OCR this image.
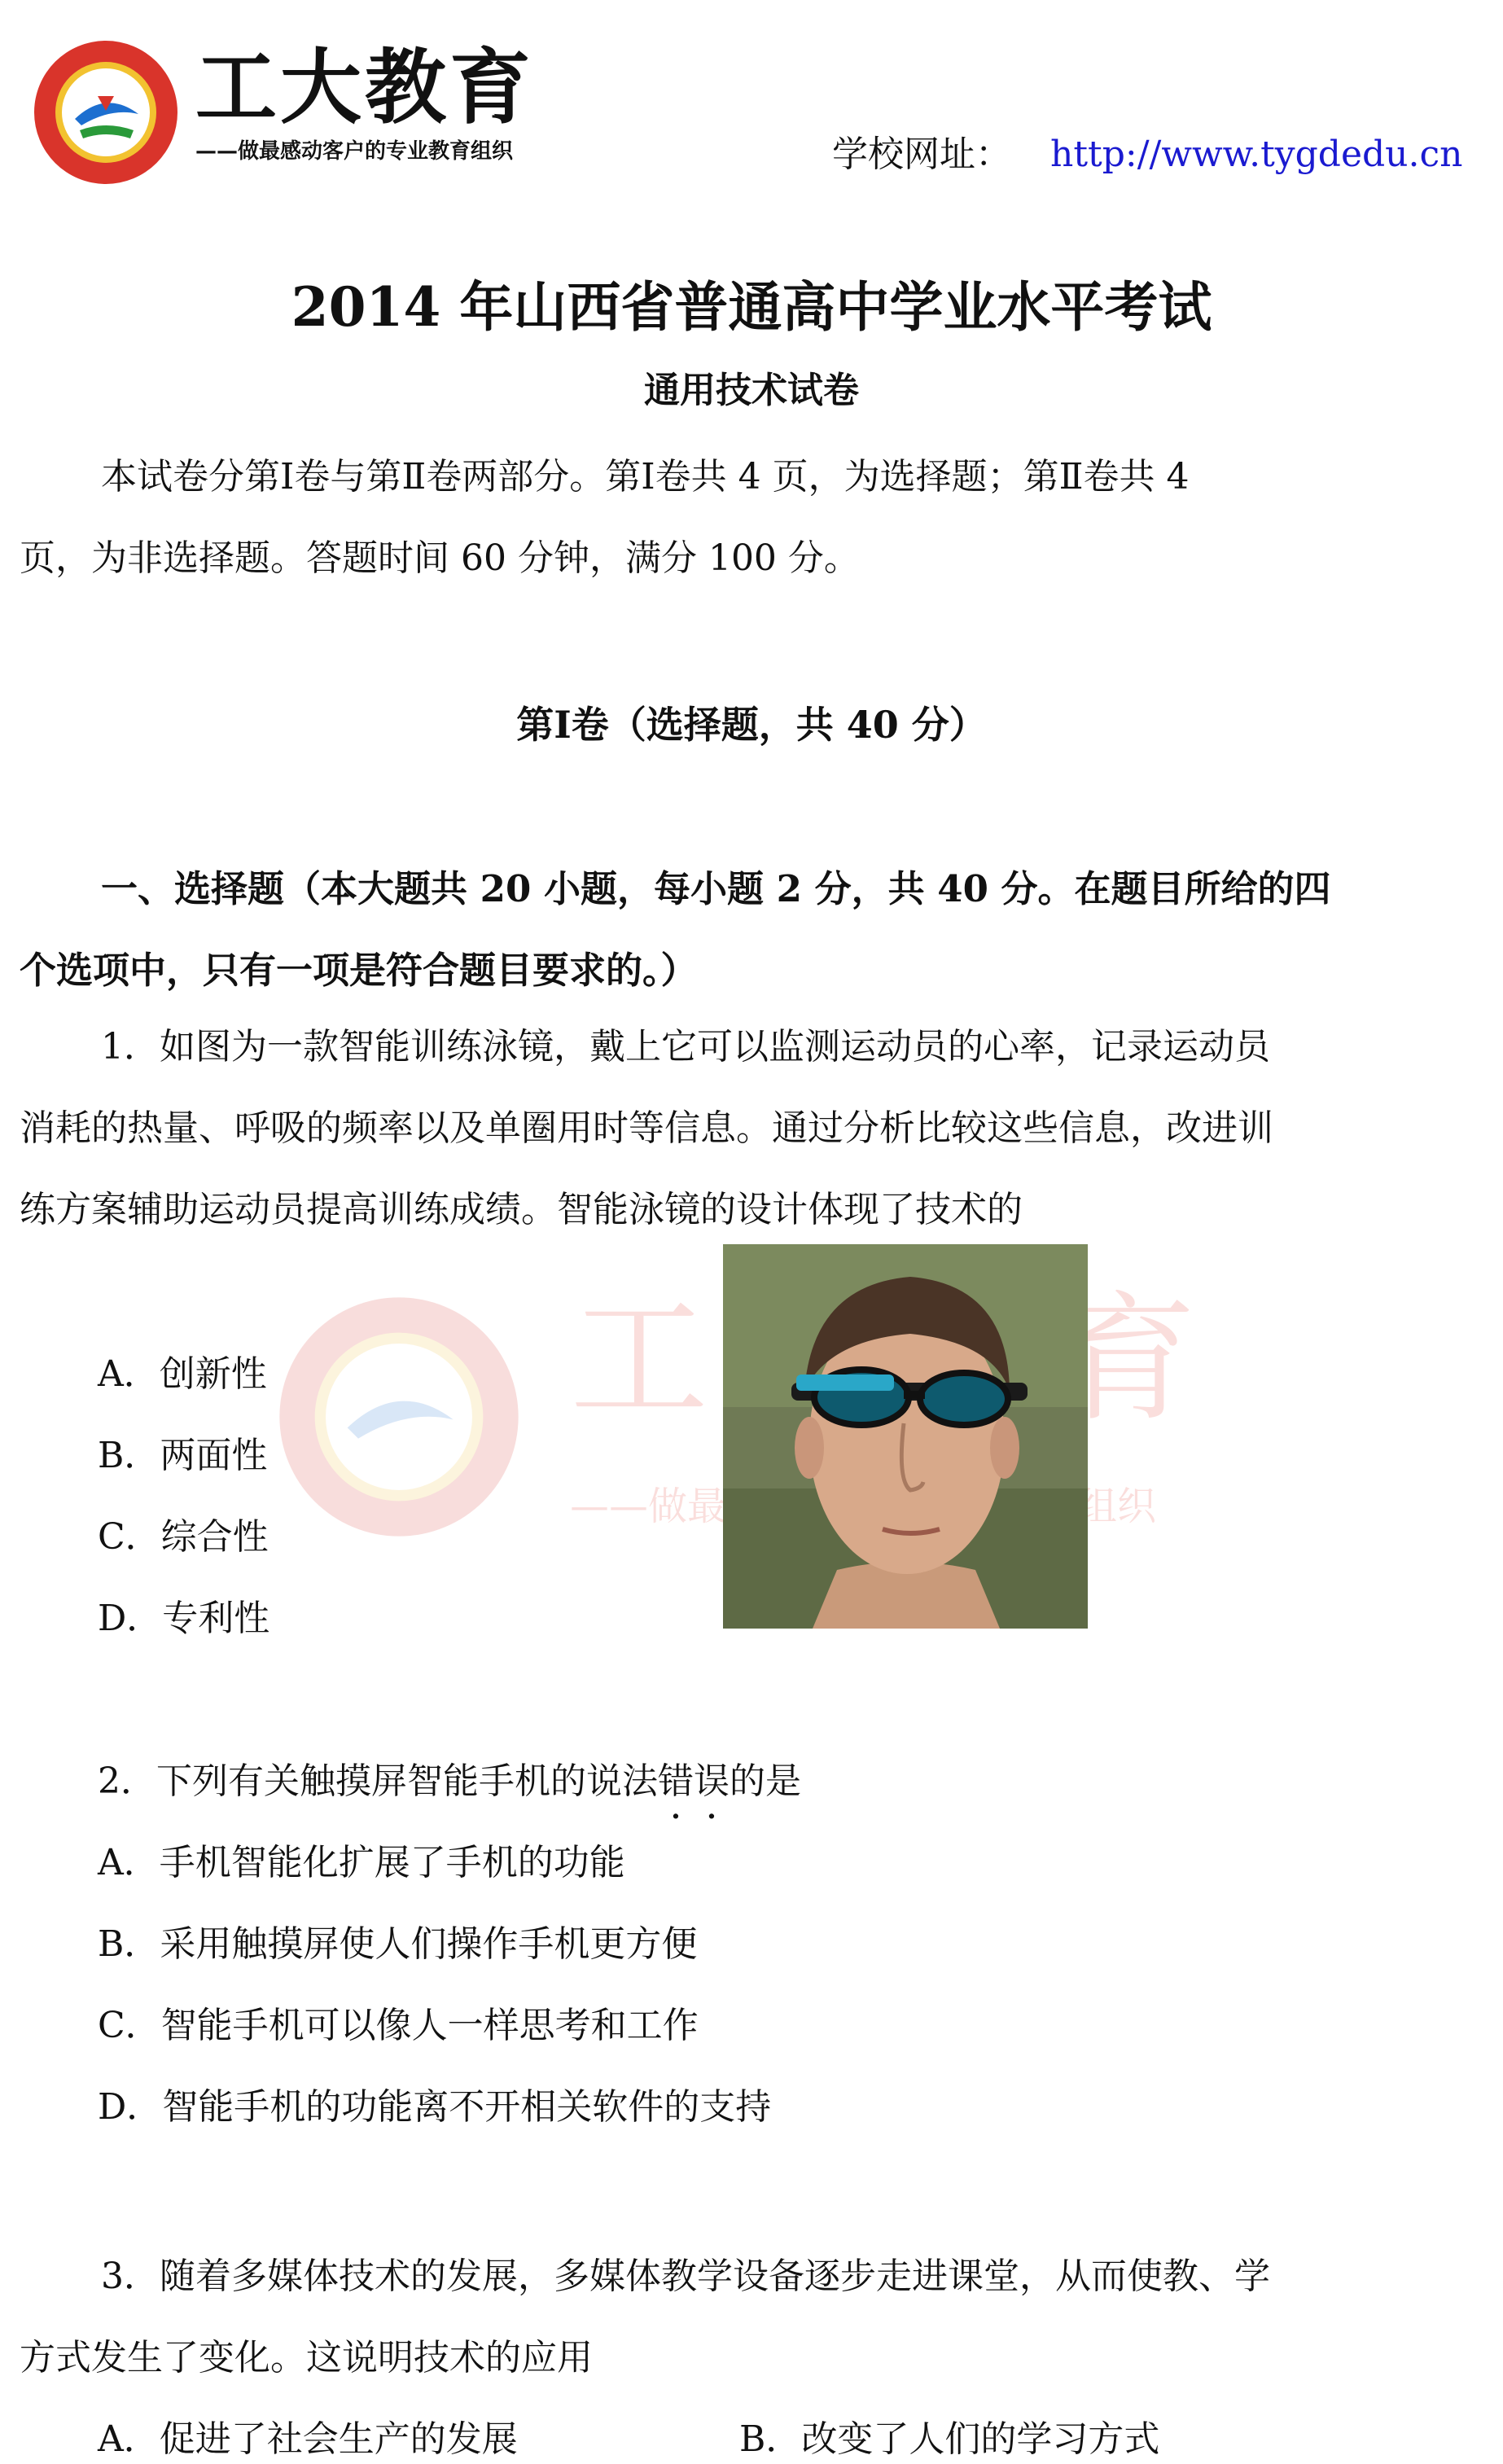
工大教育
——做最感动客户的专业教育组织	学校网址： http://www.tygdedu.cn
2014 年山西省普通高中学业水平考试
通用技术试卷
本试卷分第Ⅰ卷与第Ⅱ卷两部分。第Ⅰ卷共 4 页，为选择题；第Ⅱ卷共 4
页，为非选择题。答题时间 60 分钟，满分 100 分。
第Ⅰ卷（选择题，共 40 分）
一、选择题（本大题共 20 小题，每小题 2 分，共 40 分。在题目所给的四
个选项中，只有一项是符合题目要求的。）
1．如图为一款智能训练泳镜，戴上它可以监测运动员的心率，记录运动员
消耗的热量、呼吸的频率以及单圈用时等信息。通过分析比较这些信息，改进训
练方案辅助运动员提高训练成绩。智能泳镜的设计体现了技术的
A．创新性
B．两面性
C．综合性
D．专利性
2．下列有关触摸屏智能手机的说法错误的是
A．手机智能化扩展了手机的功能
B．采用触摸屏使人们操作手机更方便
C．智能手机可以像人一样思考和工作
D．智能手机的功能离不开相关软件的支持
3．随着多媒体技术的发展，多媒体教学设备逐步走进课堂，从而使教、学
方式发生了变化。这说明技术的应用
A．促进了社会生产的发展	B．改变了人们的学习方式
